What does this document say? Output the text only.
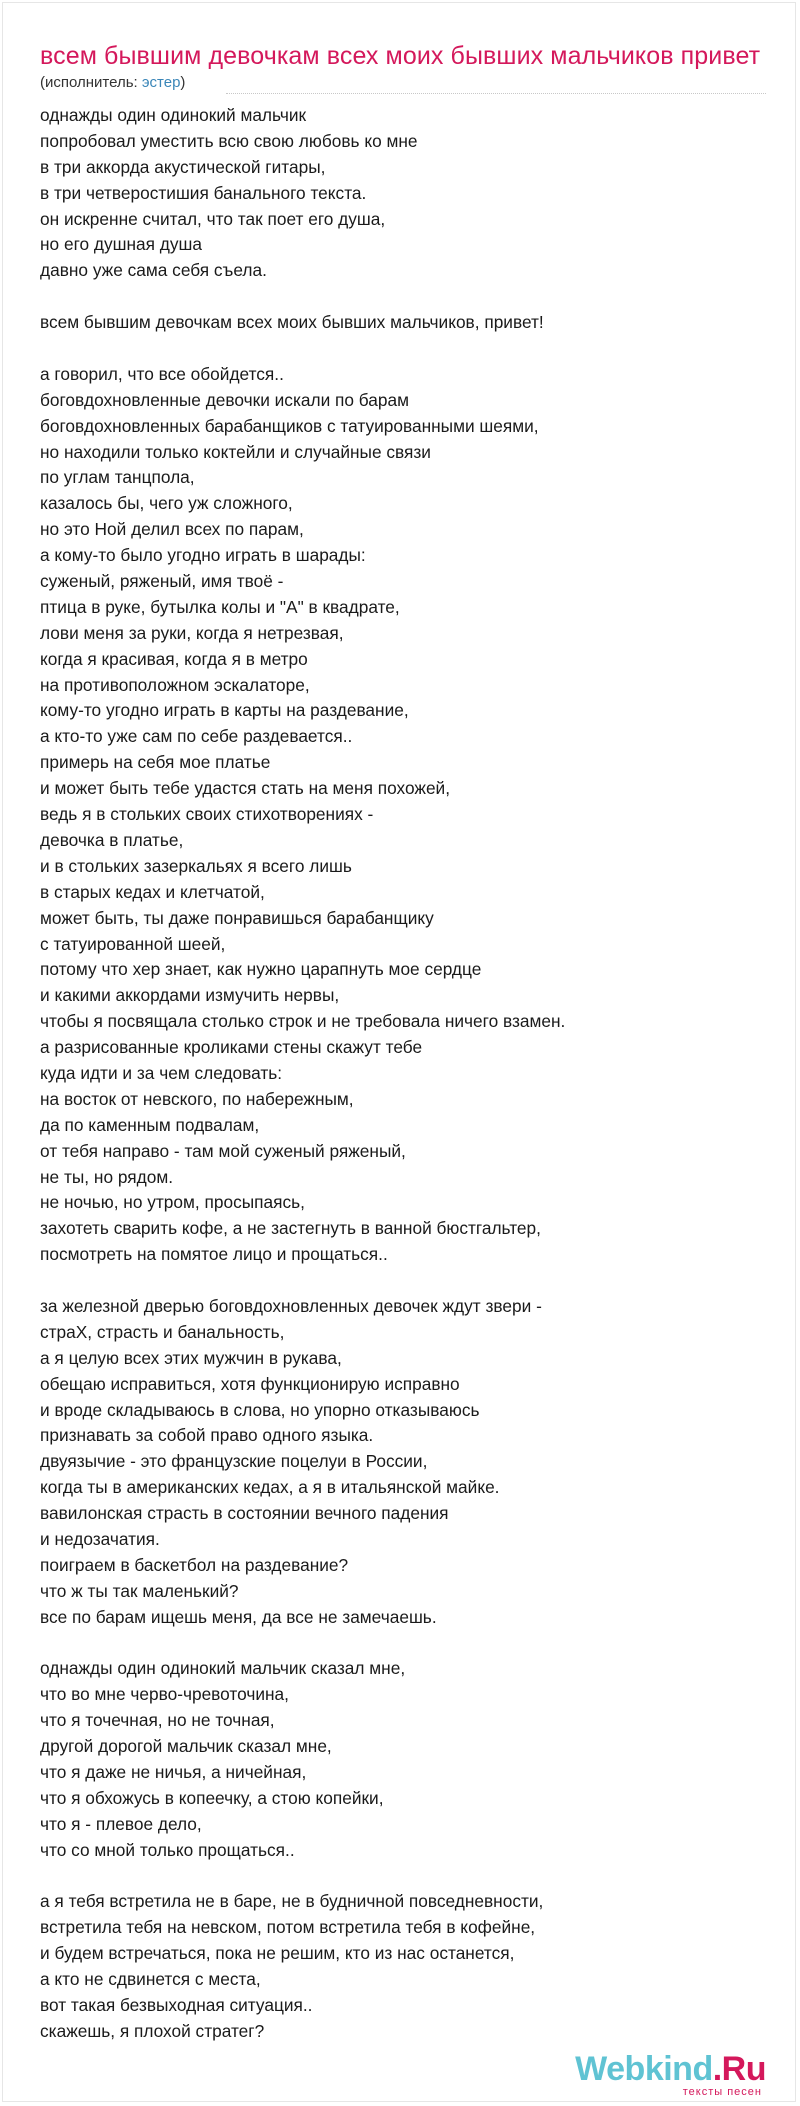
всем бывшим девочкам всех моих бывших мальчиков привет
(исполнитель: эстер)
однажды один одинокий мальчик
попробовал уместить всю свою любовь ко мне
в три аккорда акустической гитары,
в три четверостишия банального текста.
он искренне считал, что так поет его душа,
но его душная душа
давно уже сама себя съела.
всем бывшим девочкам всех моих бывших мальчиков, привет!
а говорил, что все обойдется..
боговдохновленные девочки искали по барам
боговдохновленных барабанщиков с татуированными шеями,
но находили только коктейли и случайные связи
по углам танцпола,
казалось бы, чего уж сложного,
но это Ной делил всех по парам,
а кому-то было угодно играть в шарады:
суженый, ряженый, имя твоё -
птица в руке, бутылка колы и "А" в квадрате,
лови меня за руки, когда я нетрезвая,
когда я красивая, когда я в метро
на противоположном эскалаторе,
кому-то угодно играть в карты на раздевание,
а кто-то уже сам по себе раздевается..
примерь на себя мое платье
и может быть тебе удастся стать на меня похожей,
ведь я в стольких своих стихотворениях -
девочка в платье,
и в стольких зазеркальях я всего лишь
в старых кедах и клетчатой,
может быть, ты даже понравишься барабанщику
с татуированной шеей,
потому что хер знает, как нужно царапнуть мое сердце
и какими аккордами измучить нервы,
чтобы я посвящала столько строк и не требовала ничего взамен.
а разрисованные кроликами стены скажут тебе
куда идти и за чем следовать:
на восток от невского, по набережным,
да по каменным подвалам,
от тебя направо - там мой суженый ряженый,
не ты, но рядом.
не ночью, но утром, просыпаясь,
захотеть сварить кофе, а не застегнуть в ванной бюстгальтер,
посмотреть на помятое лицо и прощаться..
за железной дверью боговдохновленных девочек ждут звери -
страХ, страсть и банальность,
а я целую всех этих мужчин в рукава,
обещаю исправиться, хотя функционирую исправно
и вроде складываюсь в слова, но упорно отказываюсь
признавать за собой право одного языка.
двуязычие - это французские поцелуи в России,
когда ты в американских кедах, а я в итальянской майке.
вавилонская страсть в состоянии вечного падения
и недозачатия.
поиграем в баскетбол на раздевание?
что ж ты так маленький?
все по барам ищешь меня, да все не замечаешь.
однажды один одинокий мальчик сказал мне,
что во мне черво-чревоточина,
что я точечная, но не точная,
другой дорогой мальчик сказал мне,
что я даже не ничья, а ничейная,
что я обхожусь в копеечку, а стою копейки,
что я - плевое дело,
что со мной только прощаться..
а я тебя встретила не в баре, не в будничной повседневности,
встретила тебя на невском, потом встретила тебя в кофейне,
и будем встречаться, пока не решим, кто из нас останется,
а кто не сдвинется с места,
вот такая безвыходная ситуация..
скажешь, я плохой стратег?
Webkind.Ru
тексты песен
